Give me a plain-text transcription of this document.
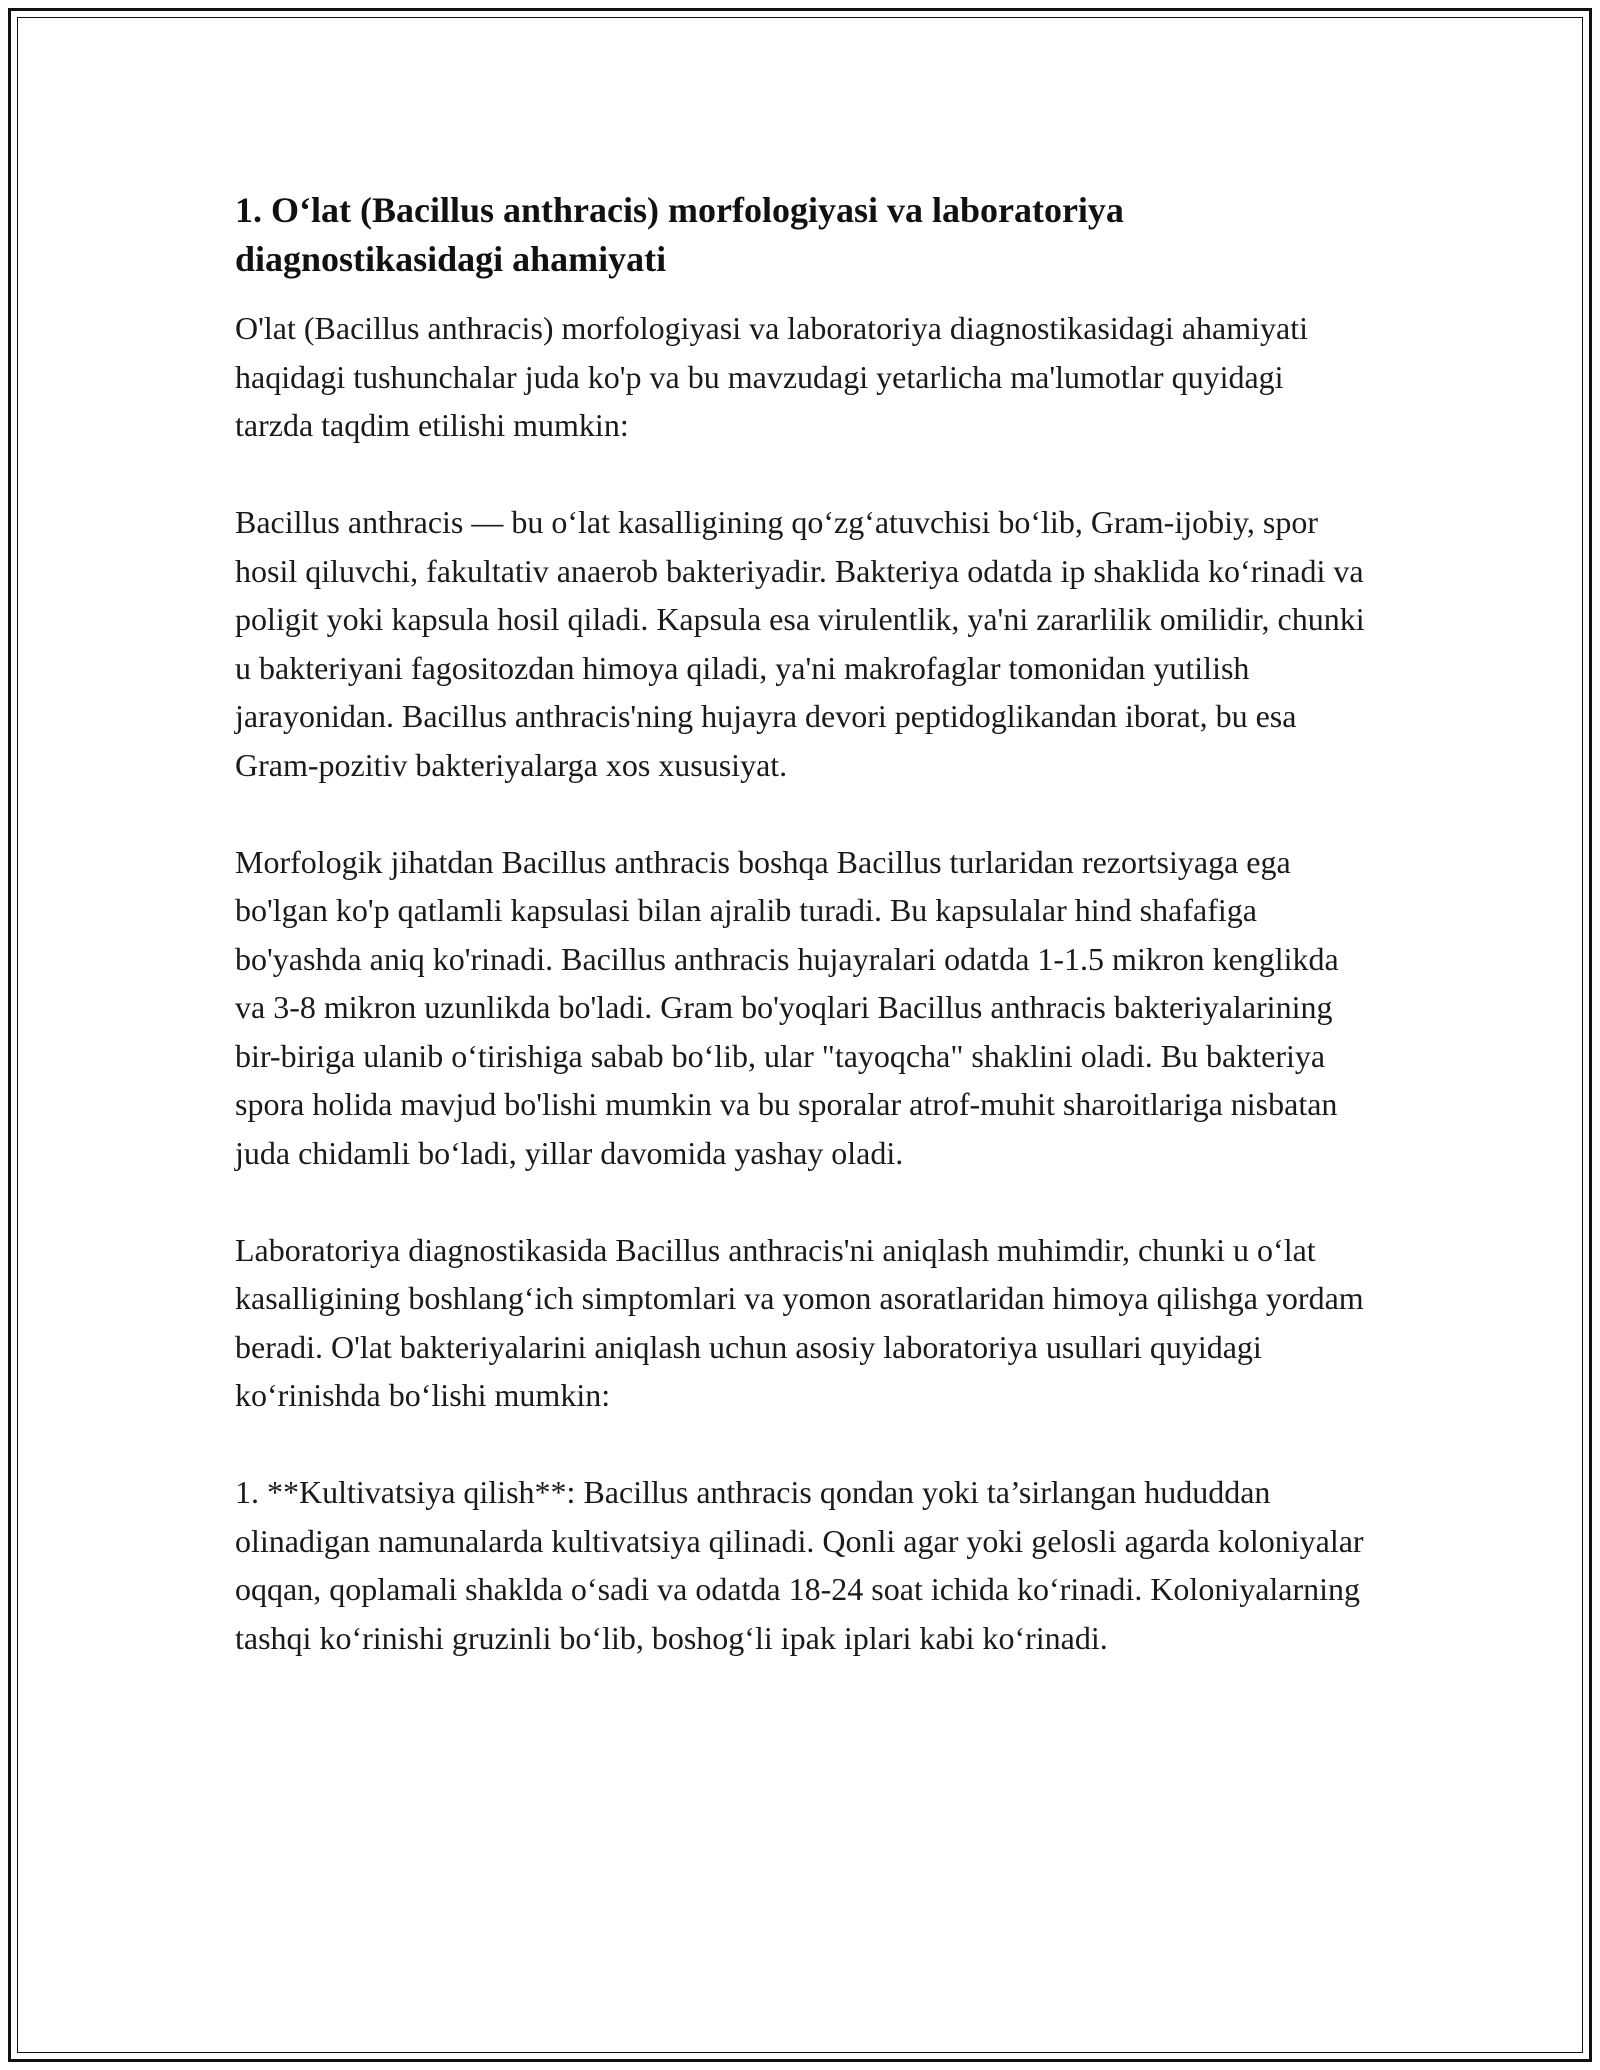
1. O‘lat (Bacillus anthracis) morfologiyasi va laboratoriya diagnostikasidagi ahamiyati

O'lat (Bacillus anthracis) morfologiyasi va laboratoriya diagnostikasidagi ahamiyati haqidagi tushunchalar juda ko'p va bu mavzudagi yetarlicha ma'lumotlar quyidagi tarzda taqdim etilishi mumkin:

Bacillus anthracis — bu o‘lat kasalligining qo‘zg‘atuvchisi bo‘lib, Gram-ijobiy, spor hosil qiluvchi, fakultativ anaerob bakteriyadir. Bakteriya odatda ip shaklida ko‘rinadi va poligit yoki kapsula hosil qiladi. Kapsula esa virulentlik, ya'ni zararlilik omilidir, chunki u bakteriyani fagositozdan himoya qiladi, ya'ni makrofaglar tomonidan yutilish jarayonidan. Bacillus anthracis'ning hujayra devori peptidoglikandan iborat, bu esa Gram-pozitiv bakteriyalarga xos xususiyat.

Morfologik jihatdan Bacillus anthracis boshqa Bacillus turlaridan rezortsiyaga ega bo'lgan ko'p qatlamli kapsulasi bilan ajralib turadi. Bu kapsulalar hind shafafiga bo'yashda aniq ko'rinadi. Bacillus anthracis hujayralari odatda 1-1.5 mikron kenglikda va 3-8 mikron uzunlikda bo'ladi. Gram bo'yoqlari Bacillus anthracis bakteriyalarining bir-biriga ulanib o‘tirishiga sabab bo‘lib, ular "tayoqcha" shaklini oladi. Bu bakteriya spora holida mavjud bo'lishi mumkin va bu sporalar atrof-muhit sharoitlariga nisbatan juda chidamli bo‘ladi, yillar davomida yashay oladi.

Laboratoriya diagnostikasida Bacillus anthracis'ni aniqlash muhimdir, chunki u o‘lat kasalligining boshlang‘ich simptomlari va yomon asoratlaridan himoya qilishga yordam beradi. O'lat bakteriyalarini aniqlash uchun asosiy laboratoriya usullari quyidagi ko‘rinishda bo‘lishi mumkin:

1. **Kultivatsiya qilish**: Bacillus anthracis qondan yoki ta’sirlangan hududdan olinadigan namunalarda kultivatsiya qilinadi. Qonli agar yoki gelosli agarda koloniyalar oqqan, qoplamali shaklda o‘sadi va odatda 18-24 soat ichida ko‘rinadi. Koloniyalarning tashqi ko‘rinishi gruzinli bo‘lib, boshog‘li ipak iplari kabi ko‘rinadi.
